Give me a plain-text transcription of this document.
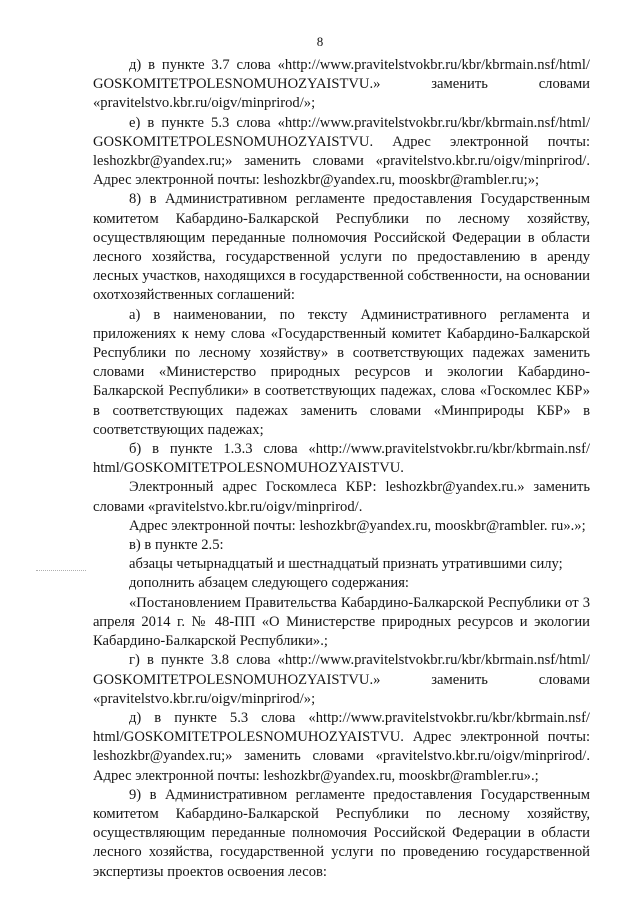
8

д) в пункте 3.7 слова «http://www.pravitelstvokbr.ru/kbr/kbrmain.nsf/html/ GOSKOMITETPOLESNOMUHOZYAISTVU.» заменить словами «pravitelstvo.kbr.ru/oigv/minprirod/»;

е) в пункте 5.3 слова «http://www.pravitelstvokbr.ru/kbr/kbrmain.nsf/html/ GOSKOMITETPOLESNOMUHOZYAISTVU. Адрес электронной почты: leshozkbr@yandex.ru;» заменить словами «pravitelstvo.kbr.ru/oigv/minprirod/. Адрес электронной почты: leshozkbr@yandex.ru, mooskbr@rambler.ru;»;

8) в Административном регламенте предоставления Государственным комитетом Кабардино-Балкарской Республики по лесному хозяйству, осуществляющим переданные полномочия Российской Федерации в области лесного хозяйства, государственной услуги по предоставлению в аренду лесных участков, находящихся в государственной собственности, на основании охотхозяйственных соглашений:

а) в наименовании, по тексту Административного регламента и приложениях к нему слова «Государственный комитет Кабардино-Балкарской Республики по лесному хозяйству» в соответствующих падежах заменить словами «Министерство природных ресурсов и экологии Кабардино-Балкарской Республики» в соответствующих падежах, слова «Госкомлес КБР» в соответствующих падежах заменить словами «Минприроды КБР» в соответствующих падежах;

б) в пункте 1.3.3 слова «http://www.pravitelstvokbr.ru/kbr/kbrmain.nsf/ html/GOSKOMITETPOLESNOMUHOZYAISTVU.

Электронный адрес Госкомлеса КБР: leshozkbr@yandex.ru.» заменить словами «pravitelstvo.kbr.ru/oigv/minprirod/.

Адрес электронной почты: leshozkbr@yandex.ru, mooskbr@rambler. ru».»;

в) в пункте 2.5:

абзацы четырнадцатый и шестнадцатый признать утратившими силу;

дополнить абзацем следующего содержания:

«Постановлением Правительства Кабардино-Балкарской Республики от 3 апреля 2014 г. № 48-ПП «О Министерстве природных ресурсов и экологии Кабардино-Балкарской Республики».;

г) в пункте 3.8 слова «http://www.pravitelstvokbr.ru/kbr/kbrmain.nsf/html/ GOSKOMITETPOLESNOMUHOZYAISTVU.» заменить словами «pravitelstvo.kbr.ru/oigv/minprirod/»;

д) в пункте 5.3 слова «http://www.pravitelstvokbr.ru/kbr/kbrmain.nsf/ html/GOSKOMITETPOLESNOMUHOZYAISTVU. Адрес электронной почты: leshozkbr@yandex.ru;» заменить словами «pravitelstvo.kbr.ru/oigv/minprirod/. Адрес электронной почты: leshozkbr@yandex.ru, mooskbr@rambler.ru».;

9) в Административном регламенте предоставления Государственным комитетом Кабардино-Балкарской Республики по лесному хозяйству, осуществляющим переданные полномочия Российской Федерации в области лесного хозяйства, государственной услуги по проведению государственной экспертизы проектов освоения лесов:
